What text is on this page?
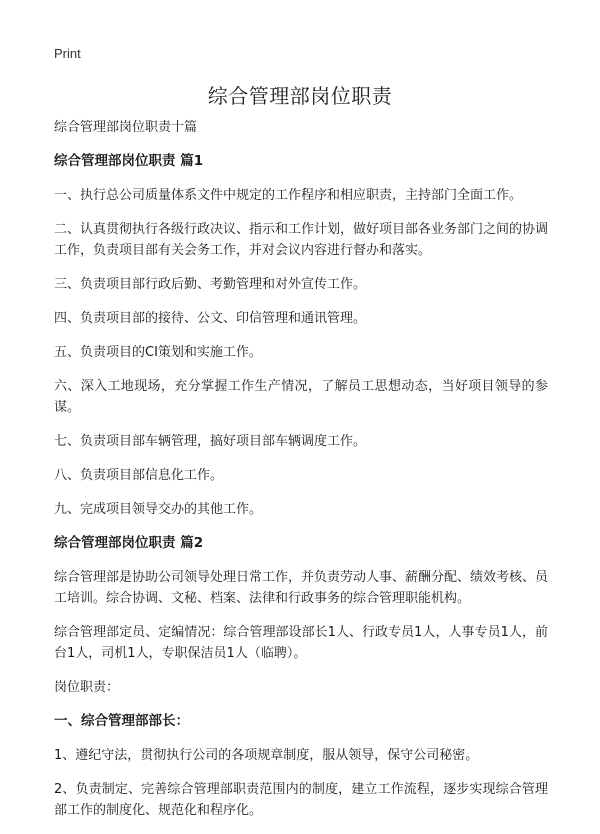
Print
综合管理部岗位职责

综合管理部岗位职责十篇

综合管理部岗位职责 篇1

一、执行总公司质量体系文件中规定的工作程序和相应职责，主持部门全面工作。

二、认真贯彻执行各级行政决议、指示和工作计划，做好项目部各业务部门之间的协调工作，负责项目部有关会务工作，并对会议内容进行督办和落实。

三、负责项目部行政后勤、考勤管理和对外宣传工作。

四、负责项目部的接待、公文、印信管理和通讯管理。

五、负责项目的CI策划和实施工作。

六、深入工地现场，充分掌握工作生产情况，了解员工思想动态，当好项目领导的参谋。

七、负责项目部车辆管理，搞好项目部车辆调度工作。

八、负责项目部信息化工作。

九、完成项目领导交办的其他工作。

综合管理部岗位职责 篇2

综合管理部是协助公司领导处理日常工作，并负责劳动人事、薪酬分配、绩效考核、员工培训。综合协调、文秘、档案、法律和行政事务的综合管理职能机构。

综合管理部定员、定编情况：综合管理部设部长1人、行政专员1人，人事专员1人，前台1人，司机1人，专职保洁员1人（临聘）。

岗位职责：

一、综合管理部部长：

1、遵纪守法，贯彻执行公司的各项规章制度，服从领导，保守公司秘密。

2、负责制定、完善综合管理部职责范围内的制度，建立工作流程，逐步实现综合管理部工作的制度化、规范化和程序化。
